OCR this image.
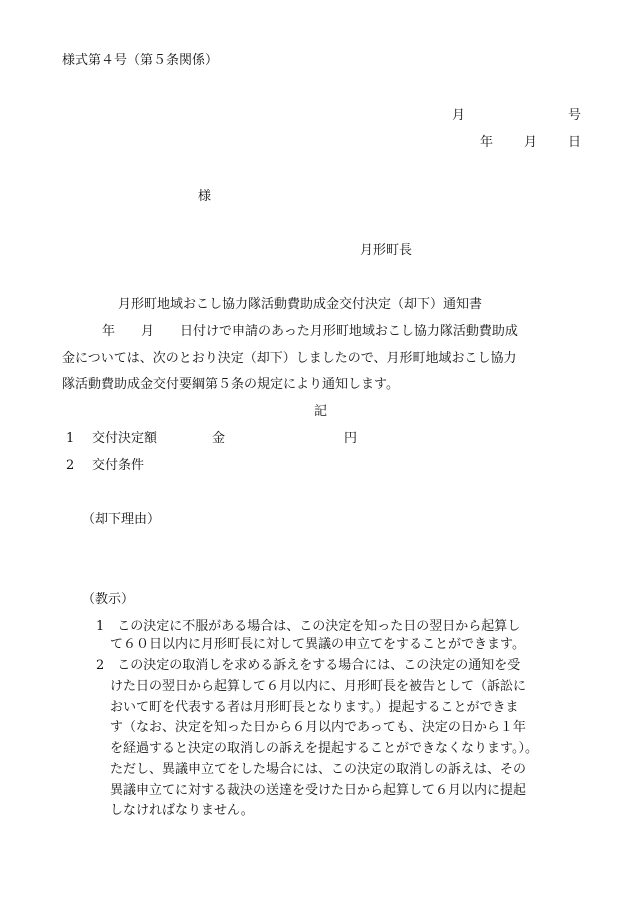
様式第４号（第５条関係）
月	号
年 月 日
様
月形町長
月形町地域おこし協力隊活動費助成金交付決定（却下）通知書
年　　月　　日付けで申請のあった月形町地域おこし協力隊活動費助成
金については、次のとおり決定（却下）しましたので、月形町地域おこし協力
隊活動費助成金交付要綱第５条の規定により通知します。
記
1 交付決定額	金	円
2 交付条件
（却下理由）
（教示）
1　この決定に不服がある場合は、この決定を知った日の翌日から起算し
て６０日以内に月形町長に対して異議の申立てをすることができます。
2　この決定の取消しを求める訴えをする場合には、この決定の通知を受
けた日の翌日から起算して６月以内に、月形町長を被告として（訴訟に
おいて町を代表する者は月形町長となります。）提起することができま
す（なお、決定を知った日から６月以内であっても、決定の日から１年
を経過すると決定の取消しの訴えを提起することができなくなります。）。
ただし、異議申立てをした場合には、この決定の取消しの訴えは、その
異議申立てに対する裁決の送達を受けた日から起算して６月以内に提起
しなければなりません。
